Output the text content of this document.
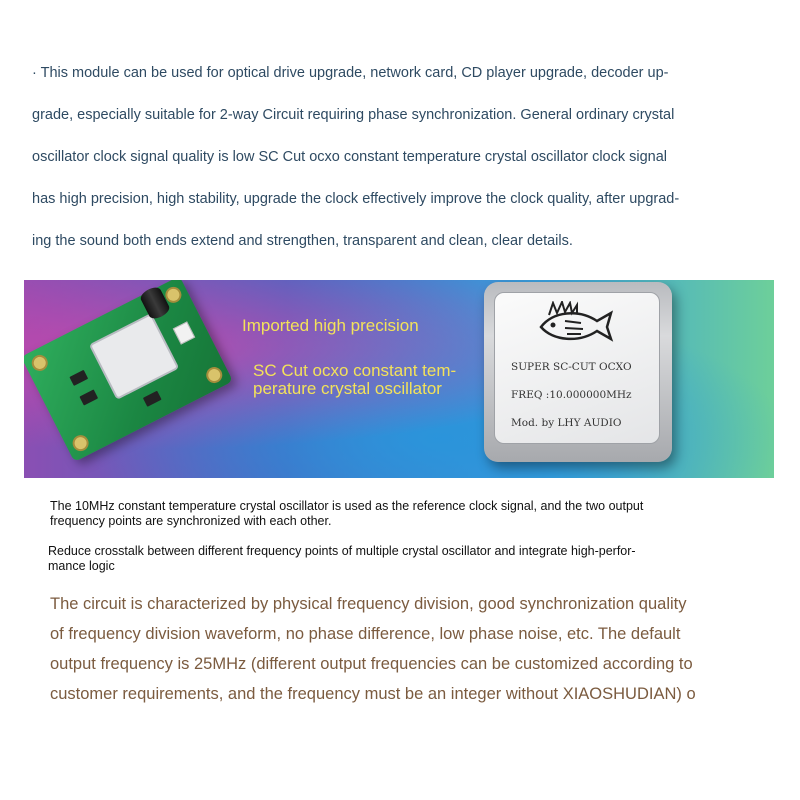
· This module can be used for optical drive upgrade, network card, CD player upgrade, decoder up-

grade, especially suitable for 2-way Circuit requiring phase synchronization. General ordinary crystal

oscillator clock signal quality is low SC Cut ocxo constant temperature crystal oscillator clock signal

has high precision, high stability, upgrade the clock effectively improve the clock quality, after upgrad-

ing the sound both ends extend and strengthen, transparent and clean, clear details.

Imported high precision
SC Cut ocxo constant tem-
perature crystal oscillator
SUPER SC-CUT OCXO
FREQ :10.000000MHz
Mod. by LHY AUDIO
The 10MHz constant temperature crystal oscillator is used as the reference clock signal, and the two output
frequency points are synchronized with each other.
Reduce crosstalk between different frequency points of multiple crystal oscillator and integrate high-perfor-
mance logic
The circuit is characterized by physical frequency division, good synchronization quality
of frequency division waveform, no phase difference, low phase noise, etc. The default
output frequency is 25MHz (different output frequencies can be customized according to
customer requirements, and the frequency must be an integer without XIAOSHUDIAN) o
